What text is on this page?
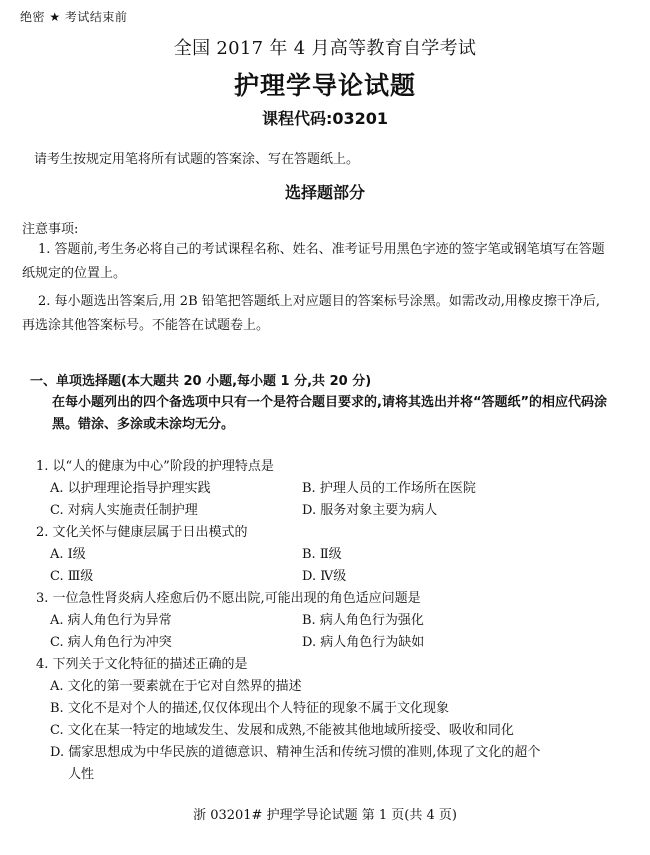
绝密 ★ 考试结束前
全国 2017 年 4 月高等教育自学考试
护理学导论试题
课程代码:03201
请考生按规定用笔将所有试题的答案涂、写在答题纸上。
选择题部分
注意事项:
1. 答题前,考生务必将自己的考试课程名称、姓名、准考证号用黑色字迹的签字笔或钢笔填写在答题纸规定的位置上。
2. 每小题选出答案后,用 2B 铅笔把答题纸上对应题目的答案标号涂黑。如需改动,用橡皮擦干净后,再选涂其他答案标号。不能答在试题卷上。
一、单项选择题(本大题共 20 小题,每小题 1 分,共 20 分)
在每小题列出的四个备选项中只有一个是符合题目要求的,请将其选出并将“答题纸”的相应代码涂黑。错涂、多涂或未涂均无分。
1. 以“人的健康为中心”阶段的护理特点是
A. 以护理理论指导护理实践	B. 护理人员的工作场所在医院
C. 对病人实施责任制护理	D. 服务对象主要为病人
2. 文化关怀与健康层属于日出模式的
A. Ⅰ级	B. Ⅱ级
C. Ⅲ级	D. Ⅳ级
3. 一位急性肾炎病人痊愈后仍不愿出院,可能出现的角色适应问题是
A. 病人角色行为异常	B. 病人角色行为强化
C. 病人角色行为冲突	D. 病人角色行为缺如
4. 下列关于文化特征的描述正确的是
A. 文化的第一要素就在于它对自然界的描述
B. 文化不是对个人的描述,仅仅体现出个人特征的现象不属于文化现象
C. 文化在某一特定的地域发生、发展和成熟,不能被其他地域所接受、吸收和同化
D. 儒家思想成为中华民族的道德意识、精神生活和传统习惯的准则,体现了文化的超个
人性
浙 03201# 护理学导论试题 第 1 页(共 4 页)
